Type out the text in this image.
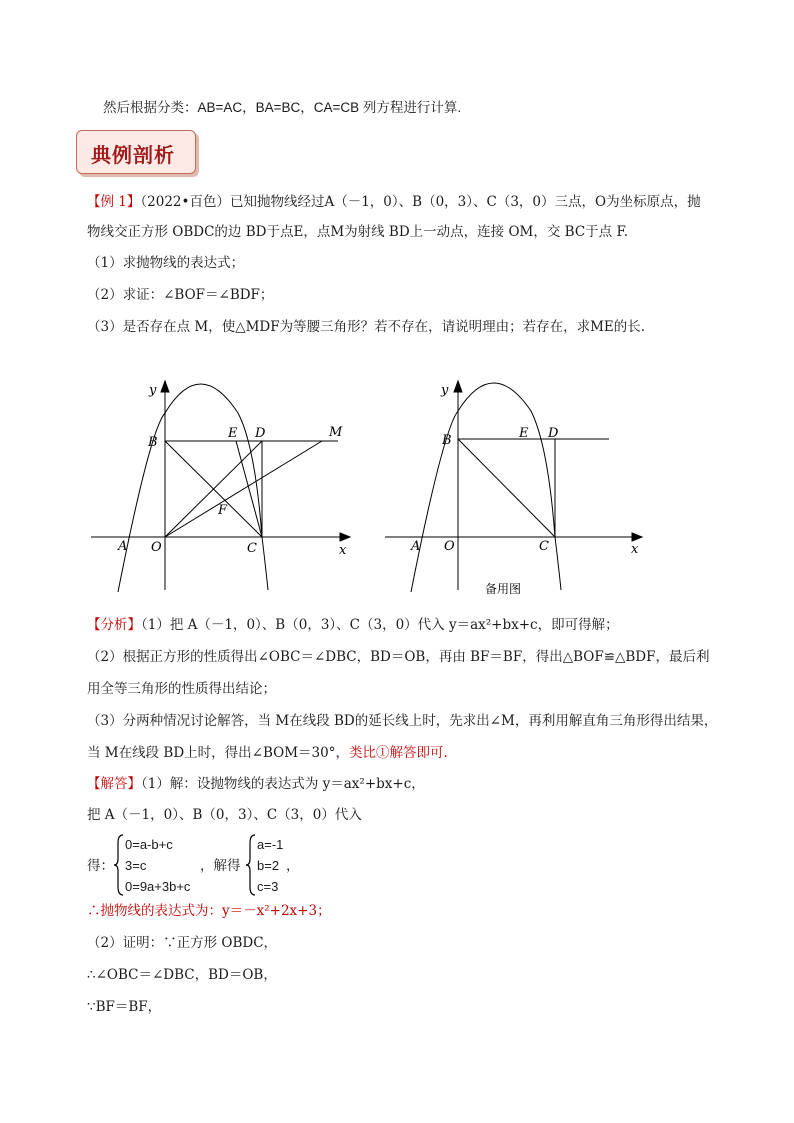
然后根据分类：AB=AC，BA=BC，CA=CB 列方程进行计算.
典例剖析
【例 1】（2022•百色）已知抛物线经过A（－1，0）、B（0，3）、C（3，0）三点，O为坐标原点，抛
物线交正方形 OBDC的边 BD于点E，点M为射线 BD上一动点，连接 OM，交 BC于点 F.
（1）求抛物线的表达式；
（2）求证：∠BOF＝∠BDF；
（3）是否存在点 M，使△MDF为等腰三角形？若不存在，请说明理由；若存在，求ME的长.
y
B
E D	M
F
A O	C	x
y
B	E D
A O	C	x
备用图
【分析】（1）把 A（－1，0）、B（0，3）、C（3，0）代入 y＝ax²+bx+c，即可得解；
（2）根据正方形的性质得出∠OBC＝∠DBC，BD＝OB，再由 BF＝BF，得出△BOF≌△BDF，最后利
用全等三角形的性质得出结论；
（3）分两种情况讨论解答，当 M在线段 BD的延长线上时，先求出∠M，再利用解直角三角形得出结果，
当 M在线段 BD上时，得出∠BOM＝30°，类比①解答即可.
【解答】（1）解：设抛物线的表达式为 y＝ax²+bx+c，
把 A（－1，0）、B（0，3）、C（3，0）代入
得：
0=a-b+c
3=c
0=9a+3b+c
，解得
a=-1
b=2
c=3
，
∴抛物线的表达式为：y＝－x²+2x+3；
（2）证明：∵正方形 OBDC，
∴∠OBC＝∠DBC，BD＝OB，
∵BF＝BF，
